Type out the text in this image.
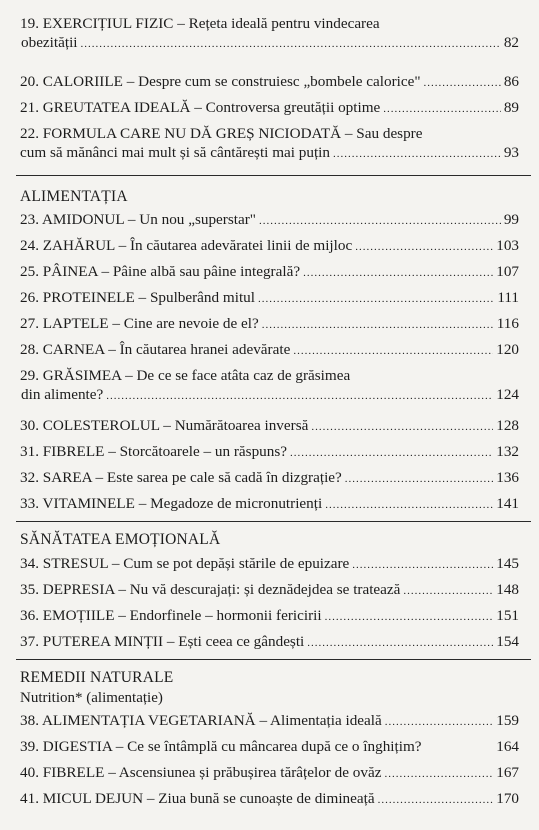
19. EXERCIȚIUL FIZIC – Rețeta ideală pentru vindecarea
obezității .....	82
20. CALORIILE – Despre cum se construiesc „bombele calorice" .....	86
21. GREUTATEA IDEALĂ – Controversa greutății optime .....	89
22. FORMULA CARE NU DĂ GREȘ NICIODATĂ – Sau despre
cum să mănânci mai mult și să cântărești mai puțin .....	93
ALIMENTAȚIA
23. AMIDONUL – Un nou „superstar" .....	99
24. ZAHĂRUL – În căutarea adevăratei linii de mijloc .....	103
25. PÂINEA – Pâine albă sau pâine integrală? .....	107
26. PROTEINELE – Spulberând mitul .....	111
27. LAPTELE – Cine are nevoie de el? .....	116
28. CARNEA – În căutarea hranei adevărate .....	120
29. GRĂSIMEA – De ce se face atâta caz de grăsimea
din alimente? .....	124
30. COLESTEROLUL – Numărătoarea inversă .....	128
31. FIBRELE – Storcătoarele – un răspuns? .....	132
32. SAREA – Este sarea pe cale să cadă în dizgrație? .....	136
33. VITAMINELE – Megadoze de micronutrienți .....	141
SĂNĂTATEA EMOȚIONALĂ
34. STRESUL – Cum se pot depăși stările de epuizare .....	145
35. DEPRESIA – Nu vă descurajați: și deznădejdea se tratează .....	148
36. EMOȚIILE – Endorfinele – hormonii fericirii .....	151
37. PUTEREA MINȚII – Ești ceea ce gândești .....	154
REMEDII NATURALE
Nutrition* (alimentație)
38. ALIMENTAȚIA VEGETARIANĂ – Alimentația ideală .....	159
39. DIGESTIA – Ce se întâmplă cu mâncarea după ce o înghițim?	164
40. FIBRELE – Ascensiunea și prăbușirea tărâțelor de ovăz .....	167
41. MICUL DEJUN – Ziua bună se cunoaște de dimineață .....	170
